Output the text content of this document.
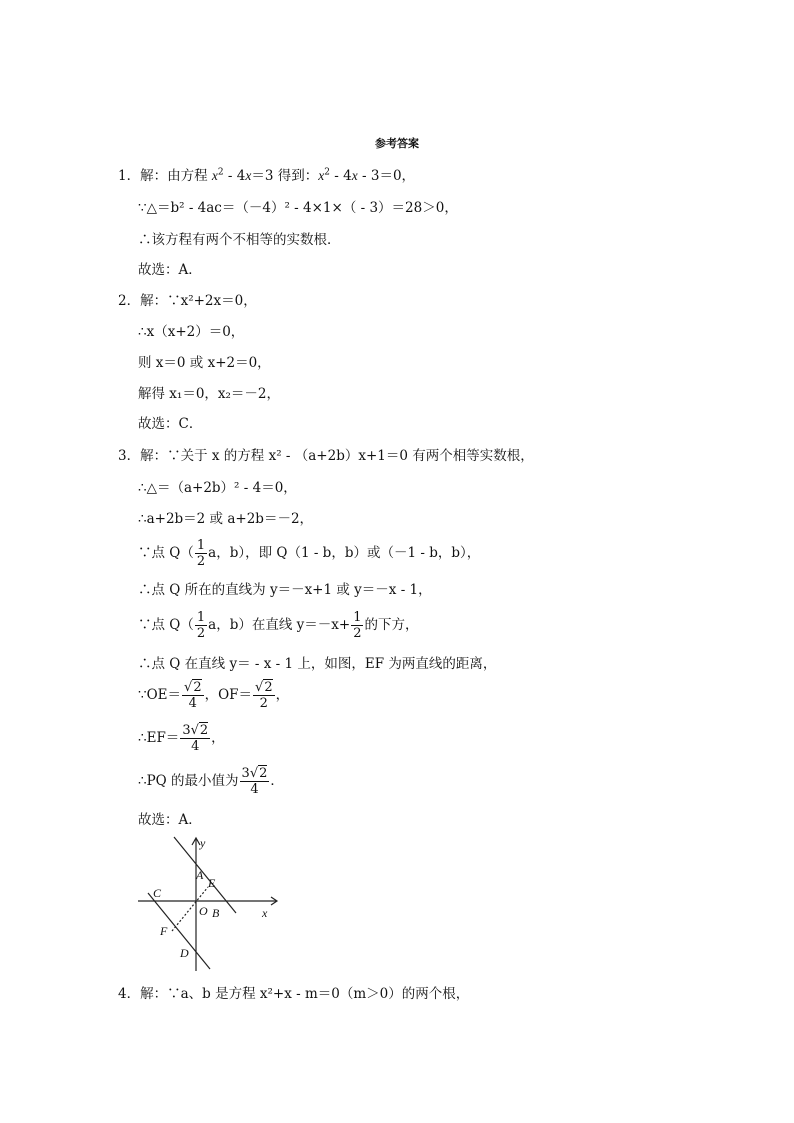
参考答案
1．解：由方程 $x^2 - 4x=3$ 得到：$x^2 - 4x - 3=0$，
∵△＝b² - 4ac＝（－4）² - 4×1×（ - 3）＝28＞0，
∴该方程有两个不相等的实数根．
故选：A．
2．解：∵x²+2x＝0，
∴x（x+2）＝0，
则 x＝0 或 x+2＝0，
解得 x₁＝0，x₂＝－2，
故选：C．
3．解：∵关于 x 的方程 x² - （a+2b）x+1＝0 有两个相等实数根，
∴△＝（a+2b）² - 4＝0，
∴a+2b＝2 或 a+2b＝－2，
∵点 $Q( \frac{1}{2}$ a，b），即 Q（1 - b，b）或（－1 - b，b），
∴点 Q 所在的直线为 y＝－x+1 或 y＝－x - 1，
∵点 $Q( \frac{1}{2}$ a，b）在直线 $y=-x+ \frac{1}{2}$ 的下方，
∴点 Q 在直线 y＝ - x - 1 上，如图，EF 为两直线的距离，
∵OE＝ $\frac{√2}{4}$ ，$OF= \frac{√2}{2}$ ，
∴EF＝ $\frac{3√2}{4}$ ，
∴PQ 的最小值为 $\frac{3√2}{4}$ ．
故选：A．
y
A
E
C
O B	x
F
D
4．解：∵a、b 是方程 x²+x - m＝0（m＞0）的两个根，
